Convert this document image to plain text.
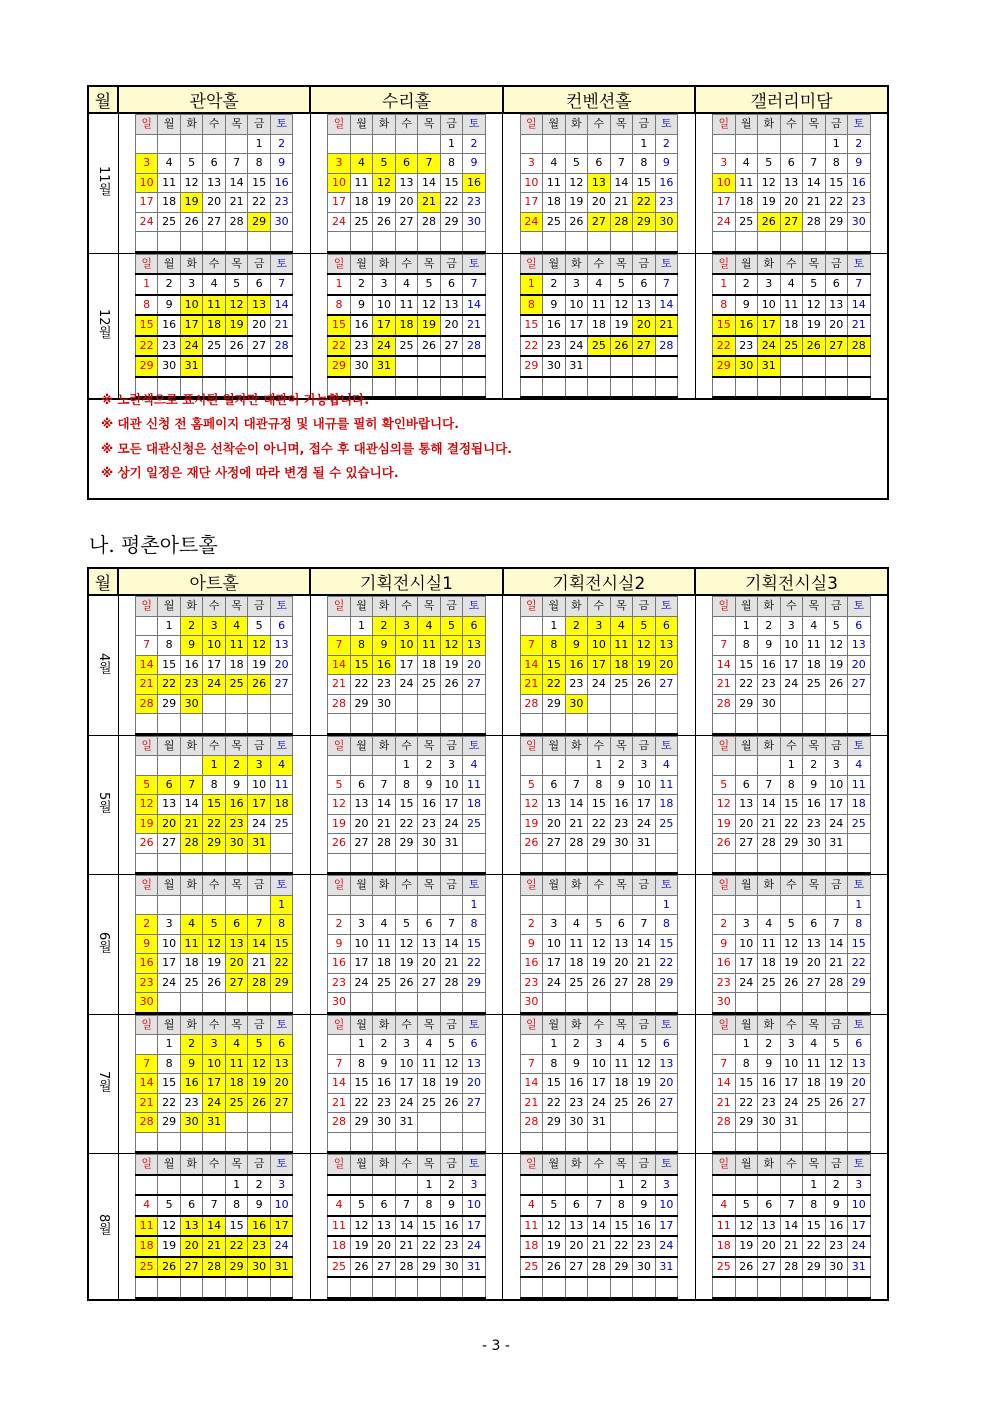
월	관악홀	수리홀	컨벤션홀	갤러리미담
11월	
일	월	화	수	목	금	토
					1	2
3	4	5	6	7	8	9
10	11	12	13	14	15	16
17	18	19	20	21	22	23
24	25	26	27	28	29	30

일	월	화	수	목	금	토
					1	2
3	4	5	6	7	8	9
10	11	12	13	14	15	16
17	18	19	20	21	22	23
24	25	26	27	28	29	30

일	월	화	수	목	금	토
					1	2
3	4	5	6	7	8	9
10	11	12	13	14	15	16
17	18	19	20	21	22	23
24	25	26	27	28	29	30

일	월	화	수	목	금	토
					1	2
3	4	5	6	7	8	9
10	11	12	13	14	15	16
17	18	19	20	21	22	23
24	25	26	27	28	29	30

12월	
일	월	화	수	목	금	토
1	2	3	4	5	6	7
8	9	10	11	12	13	14
15	16	17	18	19	20	21
22	23	24	25	26	27	28
29	30	31				

일	월	화	수	목	금	토
1	2	3	4	5	6	7
8	9	10	11	12	13	14
15	16	17	18	19	20	21
22	23	24	25	26	27	28
29	30	31				

일	월	화	수	목	금	토
1	2	3	4	5	6	7
8	9	10	11	12	13	14
15	16	17	18	19	20	21
22	23	24	25	26	27	28
29	30	31				

일	월	화	수	목	금	토
1	2	3	4	5	6	7
8	9	10	11	12	13	14
15	16	17	18	19	20	21
22	23	24	25	26	27	28
29	30	31				

※ 노란색으로 표시된 일자만 대관이 가능합니다.
※ 대관 신청 전 홈페이지 대관규정 및 내규를 필히 확인바랍니다.
※ 모든 대관신청은 선착순이 아니며, 접수 후 대관심의를 통해 결정됩니다.
※ 상기 일정은 재단 사정에 따라 변경 될 수 있습니다.
나. 평촌아트홀
월	아트홀	기획전시실1	기획전시실2	기획전시실3
4월	
일	월	화	수	목	금	토
	1	2	3	4	5	6
7	8	9	10	11	12	13
14	15	16	17	18	19	20
21	22	23	24	25	26	27
28	29	30				

일	월	화	수	목	금	토
	1	2	3	4	5	6
7	8	9	10	11	12	13
14	15	16	17	18	19	20
21	22	23	24	25	26	27
28	29	30				

일	월	화	수	목	금	토
	1	2	3	4	5	6
7	8	9	10	11	12	13
14	15	16	17	18	19	20
21	22	23	24	25	26	27
28	29	30				

일	월	화	수	목	금	토
	1	2	3	4	5	6
7	8	9	10	11	12	13
14	15	16	17	18	19	20
21	22	23	24	25	26	27
28	29	30				

5월	
일	월	화	수	목	금	토
			1	2	3	4
5	6	7	8	9	10	11
12	13	14	15	16	17	18
19	20	21	22	23	24	25
26	27	28	29	30	31	

일	월	화	수	목	금	토
			1	2	3	4
5	6	7	8	9	10	11
12	13	14	15	16	17	18
19	20	21	22	23	24	25
26	27	28	29	30	31	

일	월	화	수	목	금	토
			1	2	3	4
5	6	7	8	9	10	11
12	13	14	15	16	17	18
19	20	21	22	23	24	25
26	27	28	29	30	31	

일	월	화	수	목	금	토
			1	2	3	4
5	6	7	8	9	10	11
12	13	14	15	16	17	18
19	20	21	22	23	24	25
26	27	28	29	30	31	

6월	
일	월	화	수	목	금	토
						1
2	3	4	5	6	7	8
9	10	11	12	13	14	15
16	17	18	19	20	21	22
23	24	25	26	27	28	29
30						

일	월	화	수	목	금	토
						1
2	3	4	5	6	7	8
9	10	11	12	13	14	15
16	17	18	19	20	21	22
23	24	25	26	27	28	29
30						

일	월	화	수	목	금	토
						1
2	3	4	5	6	7	8
9	10	11	12	13	14	15
16	17	18	19	20	21	22
23	24	25	26	27	28	29
30						

일	월	화	수	목	금	토
						1
2	3	4	5	6	7	8
9	10	11	12	13	14	15
16	17	18	19	20	21	22
23	24	25	26	27	28	29
30						

7월	
일	월	화	수	목	금	토
	1	2	3	4	5	6
7	8	9	10	11	12	13
14	15	16	17	18	19	20
21	22	23	24	25	26	27
28	29	30	31			

일	월	화	수	목	금	토
	1	2	3	4	5	6
7	8	9	10	11	12	13
14	15	16	17	18	19	20
21	22	23	24	25	26	27
28	29	30	31			

일	월	화	수	목	금	토
	1	2	3	4	5	6
7	8	9	10	11	12	13
14	15	16	17	18	19	20
21	22	23	24	25	26	27
28	29	30	31			

일	월	화	수	목	금	토
	1	2	3	4	5	6
7	8	9	10	11	12	13
14	15	16	17	18	19	20
21	22	23	24	25	26	27
28	29	30	31			

8월	
일	월	화	수	목	금	토
				1	2	3
4	5	6	7	8	9	10
11	12	13	14	15	16	17
18	19	20	21	22	23	24
25	26	27	28	29	30	31

일	월	화	수	목	금	토
				1	2	3
4	5	6	7	8	9	10
11	12	13	14	15	16	17
18	19	20	21	22	23	24
25	26	27	28	29	30	31

일	월	화	수	목	금	토
				1	2	3
4	5	6	7	8	9	10
11	12	13	14	15	16	17
18	19	20	21	22	23	24
25	26	27	28	29	30	31

일	월	화	수	목	금	토
				1	2	3
4	5	6	7	8	9	10
11	12	13	14	15	16	17
18	19	20	21	22	23	24
25	26	27	28	29	30	31

- 3 -
